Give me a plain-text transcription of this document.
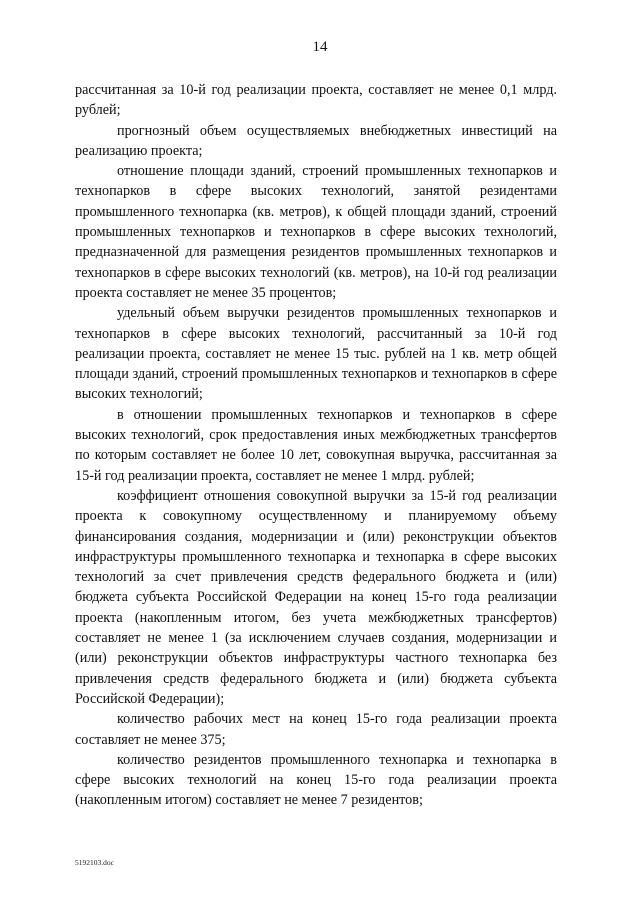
14

рассчитанная за 10-й год реализации проекта, составляет не менее 0,1 млрд. рублей;

прогнозный объем осуществляемых внебюджетных инвестиций на реализацию проекта;

отношение площади зданий, строений промышленных технопарков и технопарков в сфере высоких технологий, занятой резидентами промышленного технопарка (кв. метров), к общей площади зданий, строений промышленных технопарков и технопарков в сфере высоких технологий, предназначенной для размещения резидентов промышленных технопарков и технопарков в сфере высоких технологий (кв. метров), на 10-й год реализации проекта составляет не менее 35 процентов;

удельный объем выручки резидентов промышленных технопарков и технопарков в сфере высоких технологий, рассчитанный за 10-й год реализации проекта, составляет не менее 15 тыс. рублей на 1 кв. метр общей площади зданий, строений промышленных технопарков и технопарков в сфере высоких технологий;

в отношении промышленных технопарков и технопарков в сфере высоких технологий, срок предоставления иных межбюджетных трансфертов по которым составляет не более 10 лет, совокупная выручка, рассчитанная за 15-й год реализации проекта, составляет не менее 1 млрд. рублей;

коэффициент отношения совокупной выручки за 15-й год реализации проекта к совокупному осуществленному и планируемому объему финансирования создания, модернизации и (или) реконструкции объектов инфраструктуры промышленного технопарка и технопарка в сфере высоких технологий за счет привлечения средств федерального бюджета и (или) бюджета субъекта Российской Федерации на конец 15-го года реализации проекта (накопленным итогом, без учета межбюджетных трансфертов) составляет не менее 1 (за исключением случаев создания, модернизации и (или) реконструкции объектов инфраструктуры частного технопарка без привлечения средств федерального бюджета и (или) бюджета субъекта Российской Федерации);

количество рабочих мест на конец 15-го года реализации проекта составляет не менее 375;

количество резидентов промышленного технопарка и технопарка в сфере высоких технологий на конец 15-го года реализации проекта (накопленным итогом) составляет не менее 7 резидентов;

5192103.doc
